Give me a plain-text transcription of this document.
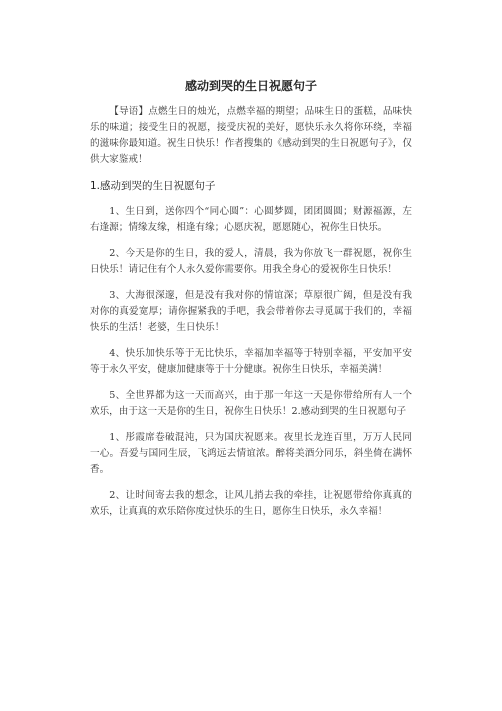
感动到哭的生日祝愿句子

【导语】点燃生日的烛光，点燃幸福的期望；品味生日的蛋糕，品味快乐的味道；接受生日的祝愿，接受庆祝的美好，愿快乐永久将你环绕，幸福的滋味你最知道。祝生日快乐！作者搜集的《感动到哭的生日祝愿句子》，仅供大家鉴戒！

1.感动到哭的生日祝愿句子

1、生日到，送你四个“同心圆”：心圆梦圆，团团圆圆；财源福源，左右逢源；情缘友缘，相逢有缘；心愿庆祝，愿愿随心，祝你生日快乐。

2、今天是你的生日，我的爱人，清晨，我为你放飞一群祝愿，祝你生日快乐！请记住有个人永久爱你需要你。用我全身心的爱祝你生日快乐！

3、大海很深邃，但是没有我对你的情谊深；草原很广阔，但是没有我对你的真爱宽厚；请你握紧我的手吧，我会带着你去寻觅属于我们的，幸福快乐的生活！老婆，生日快乐！

4、快乐加快乐等于无比快乐，幸福加幸福等于特别幸福，平安加平安等于永久平安，健康加健康等于十分健康。祝你生日快乐，幸福美满！

5、全世界都为这一天而高兴，由于那一年这一天是你带给所有人一个欢乐，由于这一天是你的生日，祝你生日快乐！2.感动到哭的生日祝愿句子

1、彤霞席卷破混沌，只为国庆祝愿来。夜里长龙连百里，万万人民同一心。吾爱与国同生辰，飞鸿远去情谊浓。醉将美酒分同乐，斜坐倚在满怀香。

2、让时间寄去我的想念，让风儿捎去我的牵挂，让祝愿带给你真真的欢乐，让真真的欢乐陪你度过快乐的生日，愿你生日快乐，永久幸福！
